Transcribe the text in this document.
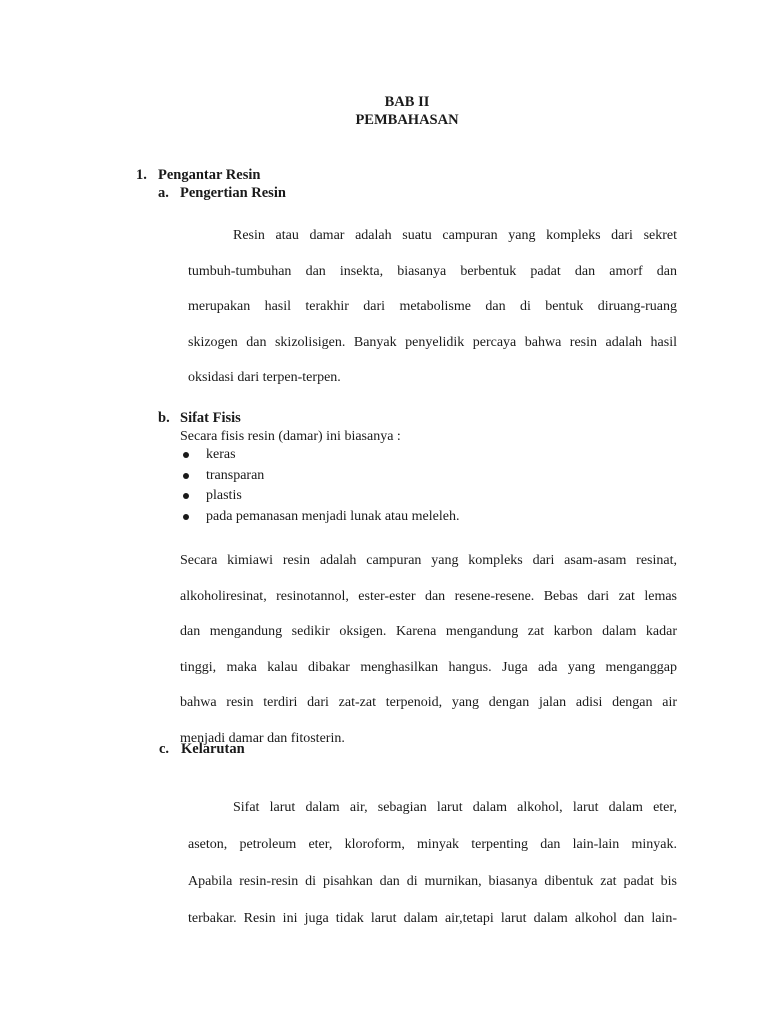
BAB II
PEMBAHASAN
1. Pengantar Resin
a. Pengertian Resin
Resin atau damar adalah suatu campuran yang kompleks dari sekret
tumbuh-tumbuhan dan insekta, biasanya berbentuk padat dan amorf dan
merupakan hasil terakhir dari metabolisme dan di bentuk diruang-ruang
skizogen dan skizolisigen. Banyak penyelidik percaya bahwa resin adalah hasil
oksidasi dari terpen-terpen.
b. Sifat Fisis

Secara fisis resin (damar) ini biasanya :

keras
transparan
plastis
pada pemanasan menjadi lunak atau meleleh.
Secara kimiawi resin adalah campuran yang kompleks dari asam-asam resinat,
alkoholiresinat, resinotannol, ester-ester dan resene-resene. Bebas dari zat lemas
dan mengandung sedikir oksigen. Karena mengandung zat karbon dalam kadar
tinggi, maka kalau dibakar menghasilkan hangus. Juga ada yang menganggap
bahwa resin terdiri dari zat-zat terpenoid, yang dengan jalan adisi dengan air
menjadi damar dan fitosterin.
c. Kelarutan
Sifat larut dalam air, sebagian larut dalam alkohol, larut dalam eter,
aseton, petroleum eter, kloroform, minyak terpenting dan lain-lain minyak.
Apabila resin-resin di pisahkan dan di murnikan, biasanya dibentuk zat padat bis
terbakar. Resin ini juga tidak larut dalam air,tetapi larut dalam alkohol dan lain-
